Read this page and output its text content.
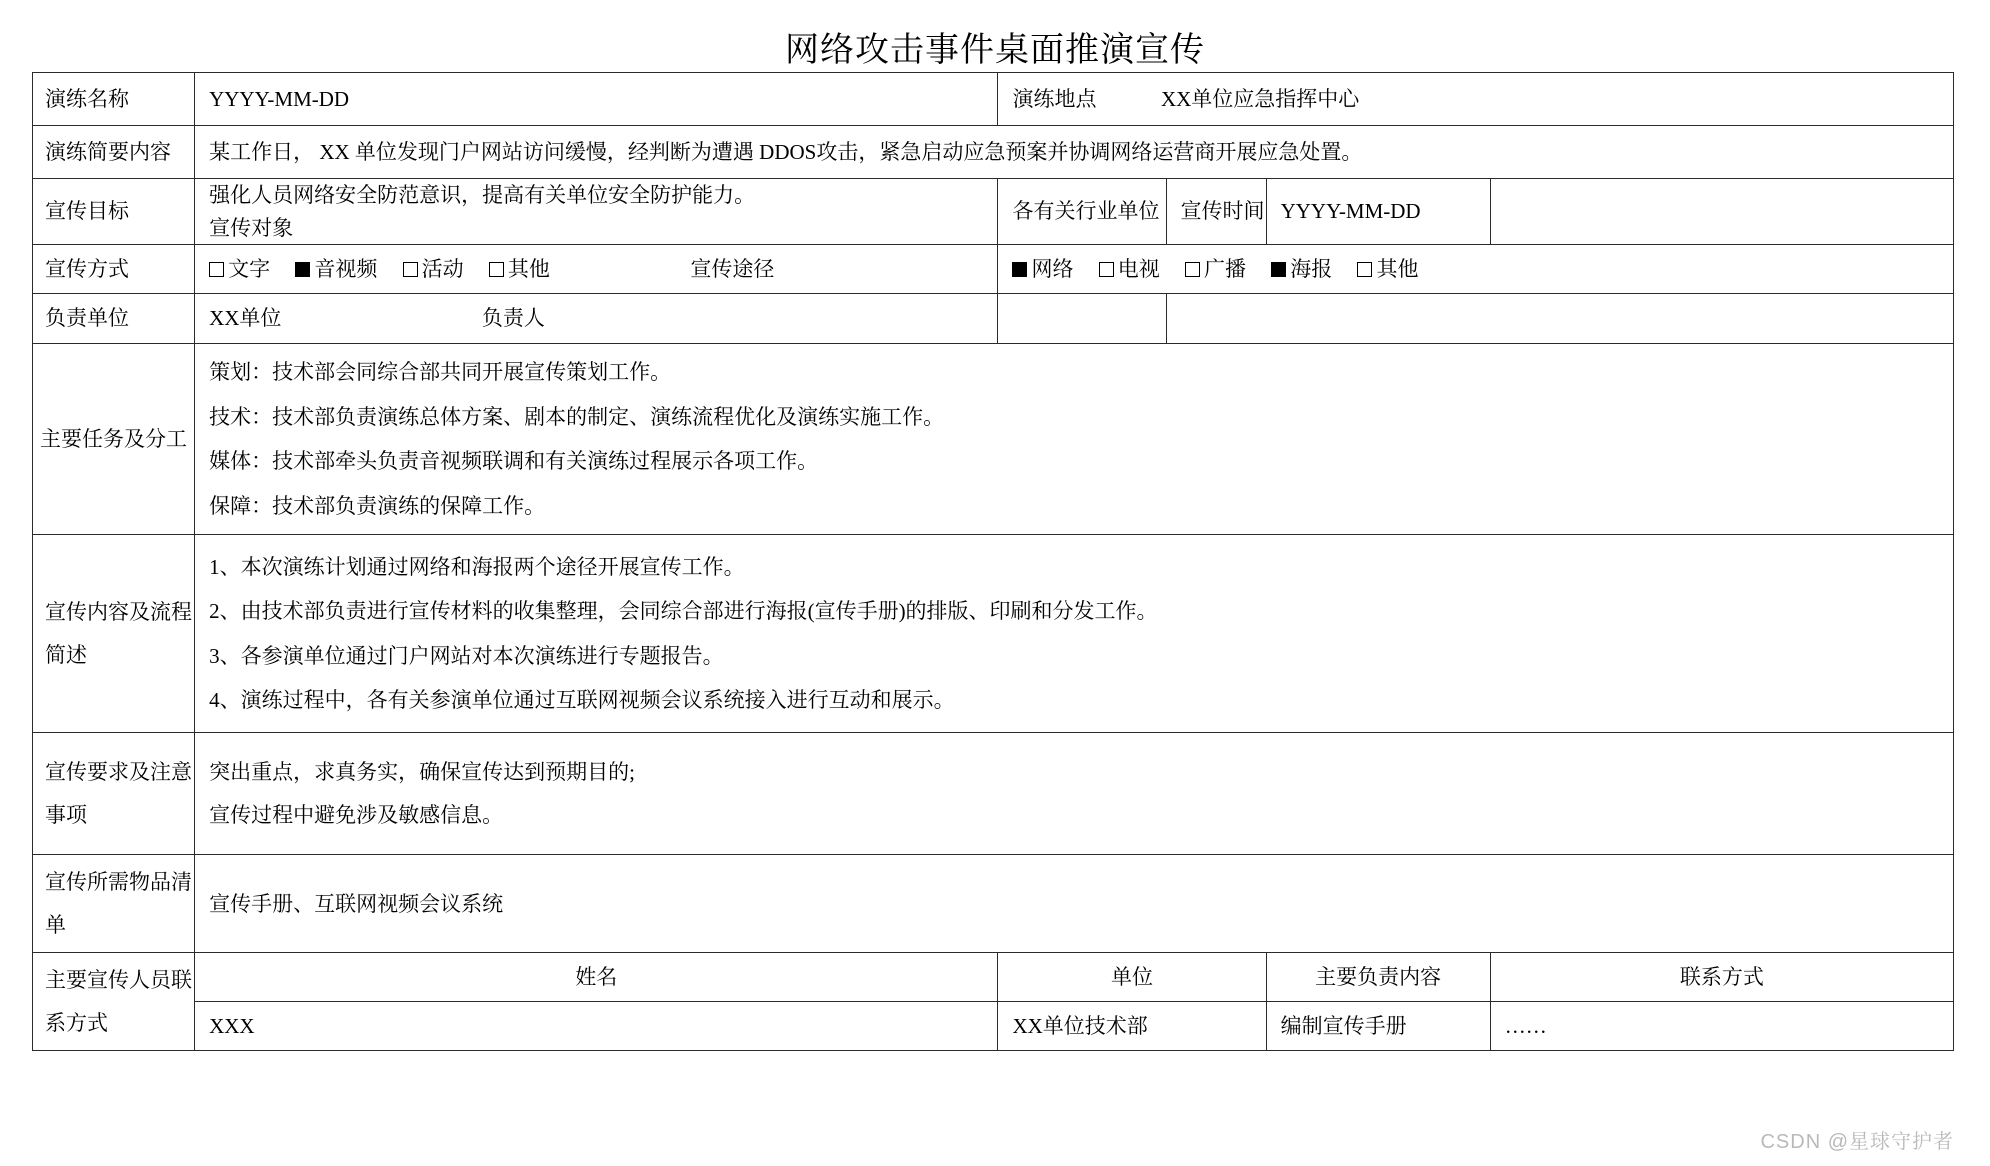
网络攻击事件桌面推演宣传
演练名称	YYYY-MM-DD	演练地点 XX单位应急指挥中心			
演练简要内容	某工作日， XX 单位发现门户网站访问缓慢，经判断为遭遇 DDOS攻击，紧急启动应急预案并协调网络运营商开展应急处置。				
宣传目标	强化人员网络安全防范意识，提高有关单位安全防护能力。  宣传对象	各有关行业单位	宣传时间	YYYY-MM-DD	
宣传方式	文字 音视频 活动 其他 宣传途径	网络 电视 广播 海报 其他			
负责单位	XX单位 负责人				
主要任务及分工	策划：技术部会同综合部共同开展宣传策划工作。
技术：技术部负责演练总体方案、剧本的制定、演练流程优化及演练实施工作。
媒体：技术部牵头负责音视频联调和有关演练过程展示各项工作。
保障：技术部负责演练的保障工作。				

宣传内容及流程
简述	1、本次演练计划通过网络和海报两个途径开展宣传工作。
2、由技术部负责进行宣传材料的收集整理，会同综合部进行海报(宣传手册)的排版、印刷和分发工作。
3、各参演单位通过门户网站对本次演练进行专题报告。
4、演练过程中，各有关参演单位通过互联网视频会议系统接入进行互动和展示。				

宣传要求及注意
事项	突出重点，求真务实，确保宣传达到预期目的;
宣传过程中避免涉及敏感信息。				

宣传所需物品清
单	宣传手册、互联网视频会议系统				

主要宣传人员联
系方式	姓名	单位		主要负责内容	联系方式
	XXX	XX单位技术部		编制宣传手册	……
CSDN @星球守护者
